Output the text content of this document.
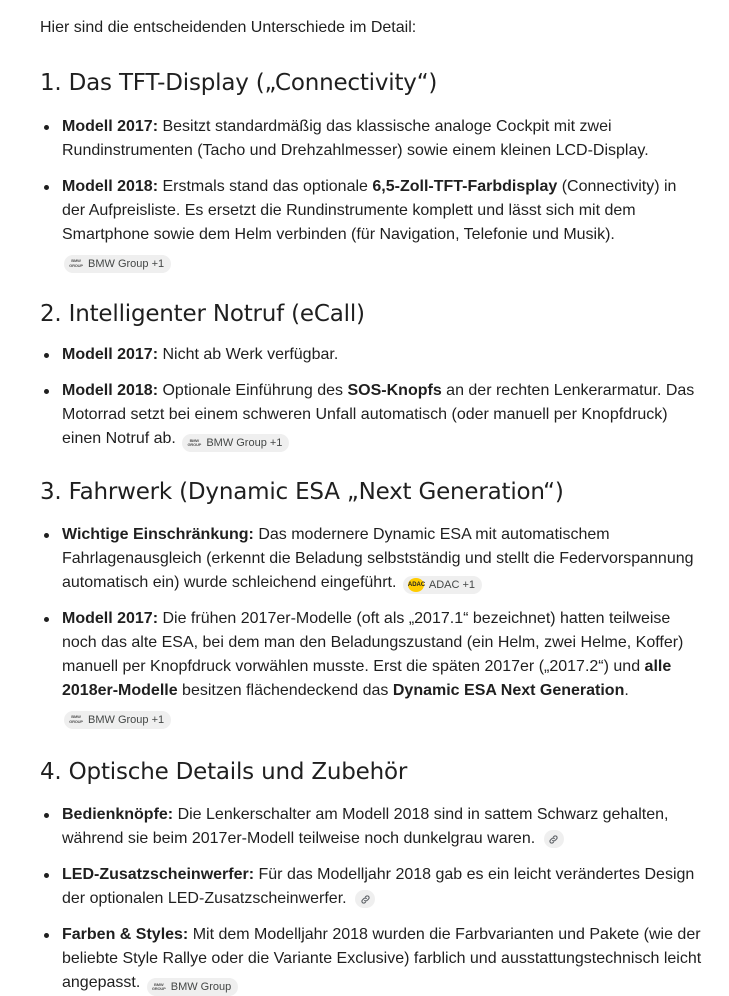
Hier sind die entscheidenden Unterschiede im Detail:

1. Das TFT-Display („Connectivity“)
Modell 2017: Besitzt standardmäßig das klassische analoge Cockpit mit zwei Rundinstrumenten (Tacho und Drehzahlmesser) sowie einem kleinen LCD-Display.
Modell 2018: Erstmals stand das optionale 6,5-Zoll-TFT-Farbdisplay (Connectivity) in der Aufpreisliste. Es ersetzt die Rundinstrumente komplett und lässt sich mit dem Smartphone sowie dem Helm verbinden (für Navigation, Telefonie und Musik).
BMW GROUP BMW Group +1
2. Intelligenter Notruf (eCall)
Modell 2017: Nicht ab Werk verfügbar.
Modell 2018: Optionale Einführung des SOS-Knopfs an der rechten Lenkerarmatur. Das Motorrad setzt bei einem schweren Unfall automatisch (oder manuell per Knopfdruck) einen Notruf ab.	BMW GROUP BMW Group +1
3. Fahrwerk (Dynamic ESA „Next Generation“)
Wichtige Einschränkung: Das modernere Dynamic ESA mit automatischem Fahrlagenausgleich (erkennt die Beladung selbstständig und stellt die Federvorspannung automatisch ein) wurde schleichend eingeführt. ADAC ADAC +1
Modell 2017: Die frühen 2017er-Modelle (oft als „2017.1“ bezeichnet) hatten teilweise noch das alte ESA, bei dem man den Beladungszustand (ein Helm, zwei Helme, Koffer) manuell per Knopfdruck vorwählen musste. Erst die späten 2017er („2017.2“) und alle 2018er-Modelle besitzen flächendeckend das Dynamic ESA Next Generation.
BMW GROUP BMW Group +1
4. Optische Details und Zubehör
Bedienknöpfe: Die Lenkerschalter am Modell 2018 sind in sattem Schwarz gehalten, während sie beim 2017er-Modell teilweise noch dunkelgrau waren.
LED-Zusatzscheinwerfer: Für das Modelljahr 2018 gab es ein leicht verändertes Design der optionalen LED-Zusatzscheinwerfer.
Farben & Styles: Mit dem Modelljahr 2018 wurden die Farbvarianten und Pakete (wie der beliebte Style Rallye oder die Variante Exclusive) farblich und ausstattungstechnisch leicht angepasst.	BMW GROUP BMW Group
